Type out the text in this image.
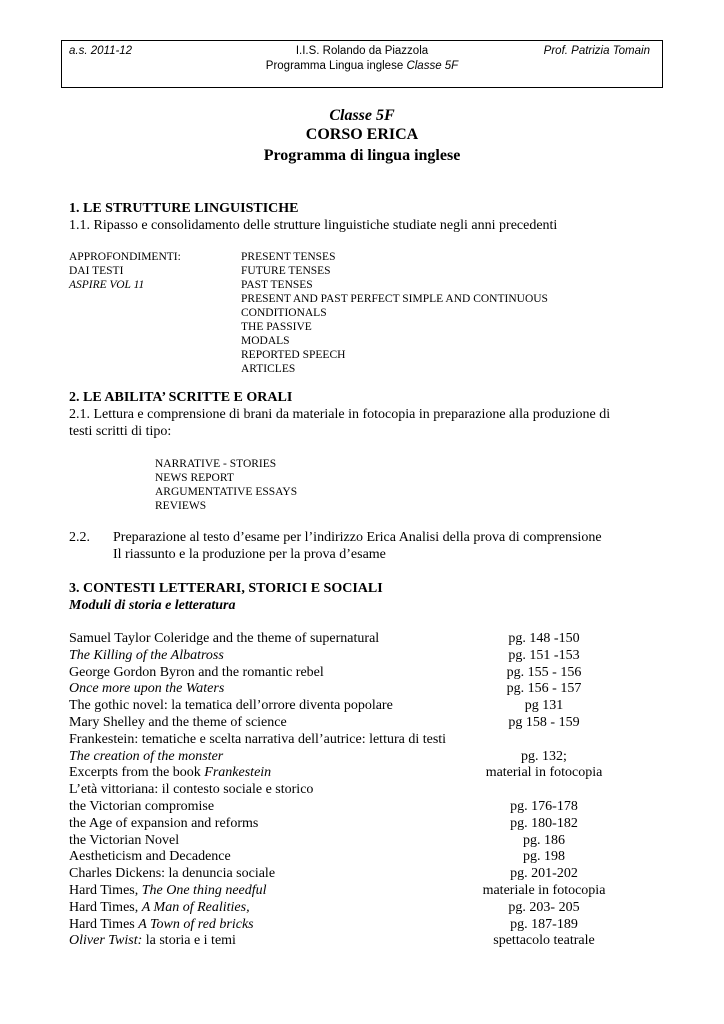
a.s. 2011-12	I.I.S. Rolando da Piazzola
Programma Lingua inglese Classe 5F
Prof. Patrizia Tomain
Classe 5F
CORSO ERICA
Programma di lingua inglese
1. LE STRUTTURE LINGUISTICHE
1.1. Ripasso e consolidamento delle strutture linguistiche studiate negli anni precedenti
APPROFONDIMENTI:
DAI TESTI
ASPIRE VOL 11
PRESENT TENSES
FUTURE TENSES
PAST TENSES
PRESENT AND PAST PERFECT SIMPLE AND CONTINUOUS
CONDITIONALS
THE PASSIVE
MODALS
REPORTED SPEECH
ARTICLES
2. LE ABILITA’ SCRITTE E ORALI
2.1. Lettura e comprensione di brani da materiale in fotocopia in preparazione alla produzione di
testi scritti di tipo:
NARRATIVE - STORIES
NEWS REPORT
ARGUMENTATIVE ESSAYS
REVIEWS
2.2. Preparazione al testo d’esame per l’indirizzo Erica Analisi della prova di comprensione
Il riassunto e la produzione per la prova d’esame
3. CONTESTI LETTERARI, STORICI E SOCIALI
Moduli di storia e letteratura
Samuel Taylor Coleridge and the theme of supernatural	pg. 148 -150
The Killing of the Albatross	pg. 151 -153
George Gordon Byron and the romantic rebel	pg. 155 - 156
Once more upon the Waters	pg. 156 - 157
The gothic novel: la tematica dell’orrore diventa popolare	pg 131
Mary Shelley and the theme of science	pg 158 - 159
Frankestein: tematiche e scelta narrativa dell’autrice: lettura di testi
The creation of the monster	pg. 132;
Excerpts from the book Frankestein	material in fotocopia
L’età vittoriana: il contesto sociale e storico
the Victorian compromise	pg. 176-178
the Age of expansion and reforms	pg. 180-182
the Victorian Novel	pg. 186
Aestheticism and Decadence	pg. 198
Charles Dickens: la denuncia sociale	pg. 201-202
Hard Times, The One thing needful	materiale in fotocopia
Hard Times, A Man of Realities,	pg. 203- 205
Hard Times A Town of red bricks	pg. 187-189
Oliver Twist: la storia e i temi	spettacolo teatrale
